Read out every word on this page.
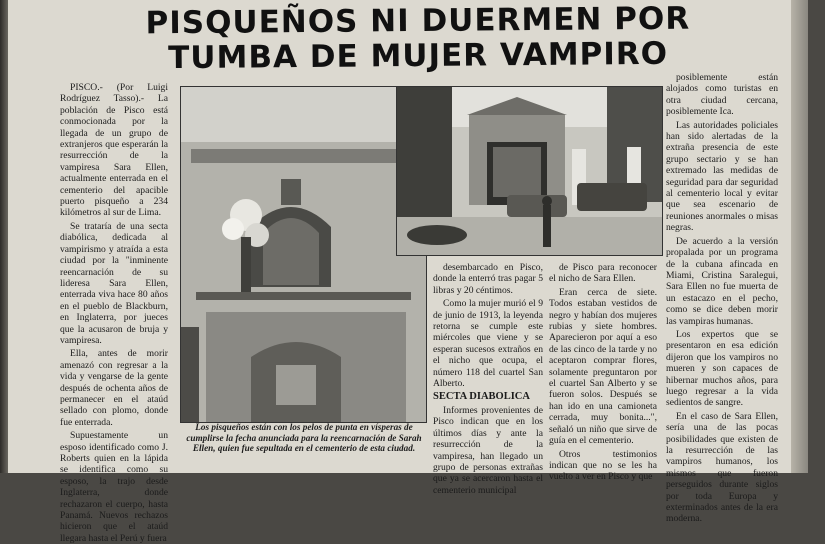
PISQUEÑOS NI DUERMEN POR
TUMBA DE MUJER VAMPIRO

PISCO.- (Por Luigi Rodríguez Tasso).- La población de Pisco está conmocionada por la llegada de un grupo de extranjeros que esperarán la resurrección de la vampiresa Sara Ellen, actualmente enterrada en el cementerio del apacible puerto pisqueño a 234 kilómetros al sur de Lima.

Se trataría de una secta diabólica, dedicada al vampirismo y atraída a esta ciudad por la "inminente reencarnación de su lideresa Sara Ellen, enterrada viva hace 80 años en el pueblo de Blackburn, en Inglaterra, por jueces que la acusaron de bruja y vampiresa.

Ella, antes de morir amenazó con regresar a la vida y vengarse de la gente después de ochenta años de permanecer en el ataúd sellado con plomo, donde fue enterrada.

Supuestamente un esposo identificado como J. Roberts quien en la lápida se identifica como su esposo, la trajo desde Inglaterra, donde rechazaron el cuerpo, hasta Panamá. Nuevos rechazos hicieron que el ataúd llegara hasta el Perú y fuera

Los pisqueños están con los pelos de punta en vísperas de cumplirse la fecha anunciada para la reencarnación de Sarah Ellen, quien fue sepultada en el cementerio de esta ciudad.

desembarcado en Pisco, donde la enterró tras pagar 5 libras y 20 céntimos.

Como la mujer murió el 9 de junio de 1913, la leyenda retorna se cumple este miércoles que viene y se esperan sucesos extraños en el nicho que ocupa, el número 118 del cuartel San Alberto.

SECTA DIABOLICA

Informes provenientes de Pisco indican que en los últimos días y ante la resurrección de la vampiresa, han llegado un grupo de personas extrañas que ya se acercaron hasta el cementerio municipal

de Pisco para reconocer el nicho de Sara Ellen.

Eran cerca de siete. Todos estaban vestidos de negro y habían dos mujeres rubias y siete hombres. Aparecieron por aquí a eso de las cinco de la tarde y no aceptaron comprar flores, solamente preguntaron por el cuartel San Alberto y se fueron solos. Después se han ido en una camioneta cerrada, muy bonita...", señaló un niño que sirve de guía en el cementerio.

Otros testimonios indican que no se les ha vuelto a ver en Pisco y que

posiblemente están alojados como turistas en otra ciudad cercana, posiblemente Ica.

Las autoridades policiales han sido alertadas de la extraña presencia de este grupo sectario y se han extremado las medidas de seguridad para dar seguridad al cementerio local y evitar que sea escenario de reuniones anormales o misas negras.

De acuerdo a la versión propalada por un programa de la cubana afincada en Miami, Cristina Saralegui, Sara Ellen no fue muerta de un estacazo en el pecho, como se dice deben morir las vampiras humanas.

Los expertos que se presentaron en esa edición dijeron que los vampiros no mueren y son capaces de hibernar muchos años, para luego regresar a la vida sedientos de sangre.

En el caso de Sara Ellen, sería una de las pocas posibilidades que existen de la resurrección de las vampiros humanos, los mismos que fueron perseguidos durante siglos por toda Europa y exterminados antes de la era moderna.
